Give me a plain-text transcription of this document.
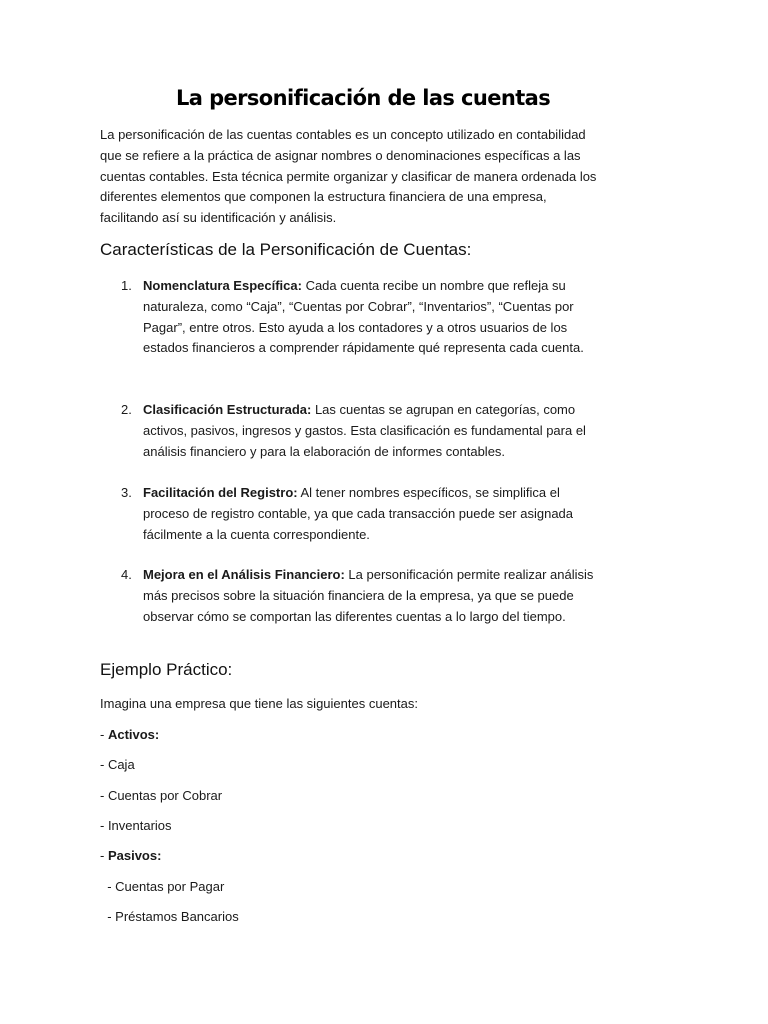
La personificación de las cuentas

La personificación de las cuentas contables es un concepto utilizado en contabilidad que se refiere a la práctica de asignar nombres o denominaciones específicas a las cuentas contables. Esta técnica permite organizar y clasificar de manera ordenada los diferentes elementos que componen la estructura financiera de una empresa, facilitando así su identificación y análisis.

Características de la Personificación de Cuentas:
1. Nomenclatura Específica: Cada cuenta recibe un nombre que refleja su naturaleza, como “Caja”, “Cuentas por Cobrar”, “Inventarios”, “Cuentas por Pagar”, entre otros. Esto ayuda a los contadores y a otros usuarios de los estados financieros a comprender rápidamente qué representa cada cuenta.
2. Clasificación Estructurada: Las cuentas se agrupan en categorías, como activos, pasivos, ingresos y gastos. Esta clasificación es fundamental para el análisis financiero y para la elaboración de informes contables.
3. Facilitación del Registro: Al tener nombres específicos, se simplifica el proceso de registro contable, ya que cada transacción puede ser asignada fácilmente a la cuenta correspondiente.
4. Mejora en el Análisis Financiero: La personificación permite realizar análisis más precisos sobre la situación financiera de la empresa, ya que se puede observar cómo se comportan las diferentes cuentas a lo largo del tiempo.
Ejemplo Práctico:

Imagina una empresa que tiene las siguientes cuentas:

- Activos:

- Caja

- Cuentas por Cobrar

- Inventarios

- Pasivos:

- Cuentas por Pagar

- Préstamos Bancarios
